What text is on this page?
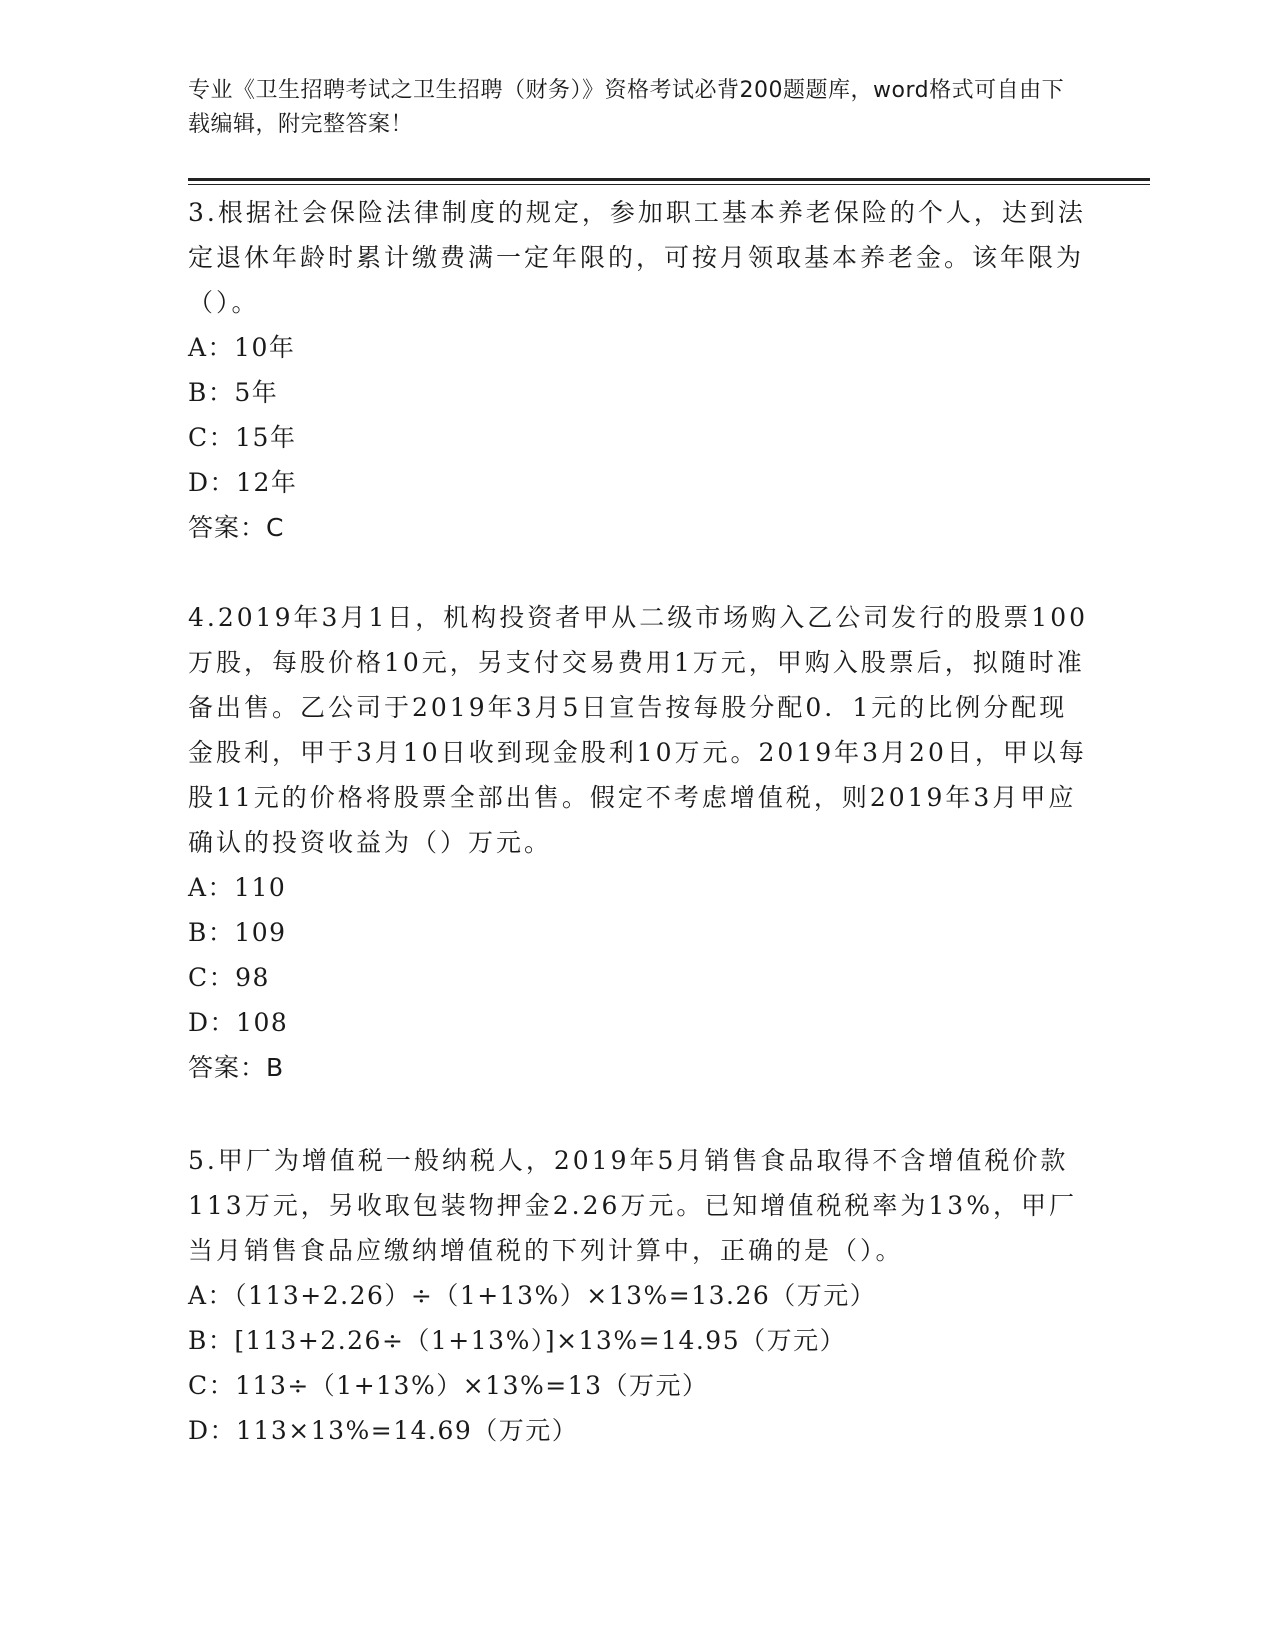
专业《卫生招聘考试之卫生招聘（财务）》资格考试必背200题题库，word格式可自由下载编辑，附完整答案！
3.根据社会保险法律制度的规定，参加职工基本养老保险的个人，达到法定退休年龄时累计缴费满一定年限的，可按月领取基本养老金。该年限为（）。
A：10年
B：5年
C：15年
D：12年
答案：C
4.2019年3月1日，机构投资者甲从二级市场购入乙公司发行的股票100万股，每股价格10元，另支付交易费用1万元，甲购入股票后，拟随时准备出售。乙公司于2019年3月5日宣告按每股分配0．1元的比例分配现金股利，甲于3月10日收到现金股利10万元。2019年3月20日，甲以每股11元的价格将股票全部出售。假定不考虑增值税，则2019年3月甲应确认的投资收益为（）万元。
A：110
B：109
C：98
D：108
答案：B
5.甲厂为增值税一般纳税人，2019年5月销售食品取得不含增值税价款113万元，另收取包装物押金2.26万元。已知增值税税率为13%，甲厂当月销售食品应缴纳增值税的下列计算中，正确的是（）。
A：（113+2.26）÷（1+13%）×13%=13.26（万元）
B：[113+2.26÷（1+13%）]×13%=14.95（万元）
C：113÷（1+13%）×13%=13（万元）
D：113×13%=14.69（万元）
